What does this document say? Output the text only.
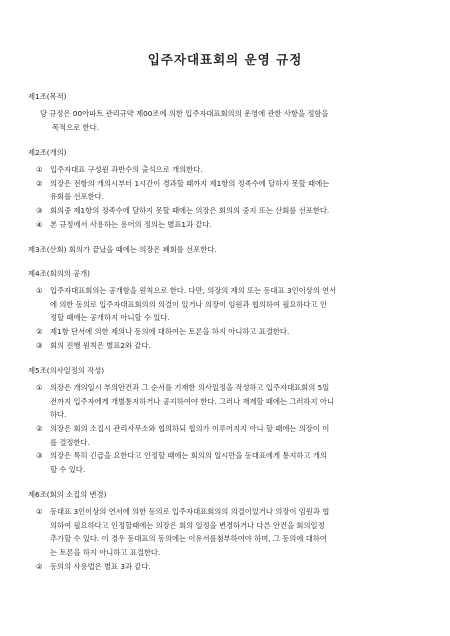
입주자대표회의 운영 규정

제1조(목적)

당 규정은 00아파트 관리규약 제00조에 의한 입주자대표회의의 운영에 관한 사항을 정함을

목적으로 한다.

제2조(개의)

①	입주자대표 구성원 과반수의 출석으로 개의한다.
②	의장은 전항의 개의시부터 1시간이 경과할 때까지 제1항의 정족수에 달하지 못할 때에는
유회를 선포한다.
③	회의중 제1항의 정족수에 달하지 못할 때에는 의장은 회의의 중지 또는 산회를 선포한다.
④	본 규정에서 사용하는 용어의 정의는 별표1과 같다.

제3조(산회) 회의가 끝났을 때에는 의장은 폐회를 선포한다.

제4조(회의의 공개)

①	입주자대표회의는 공개함을 원칙으로 한다. 다만, 의장의 제의 또는 동대표 3인이상의 연서
에 의한 동의로 입주자대표회의의 의결이 있거나 의장이 임원과 협의하여 필요하다고 인
정할 때에는 공개하지 아니할 수 있다.
②	제1항 단서에 의한 제의나 동의에 대하여는 토론을 하지 아니하고 표결한다.
③	회의 진행 원칙은 별표2와 같다.

제5조(의사일정의 작성)

①	의장은 개의일시 부의안건과 그 순서를 기재한 의사일정을 작성하고 입주자대표회의 5일
전까지 입주자에게 개별통지하거나 공지하여야 한다. 그러나 재계할 때에는 그러하지 아니
하다.
②	의장은 회의 소집시 관리사무소와 협의하되 협의가 이루어지지 아니 할 때에는 의장이 이
를 결정한다.
③	의장은 특히 긴급을 요한다고 인정할 때에는 회의의 일시만을 동대표에게 통지하고 개의
할 수 있다.

제6조(회의 소집의 변경)

①	동대표 3인이상의 연서에 의한 동의로 입주자대표회의의 의결이있거나 의장이 임원과 협
의하여 필요하다고 인정할때에는 의장은 회의 일정을 변경하거나 다른 안건을 회의일정
추가할 수 있다. 이 경우 동대표의 동의에는 이유서를첨부하여야 하며, 그 동의에 대하여
는 토론을 하지 아니하고 표결한다.
②	동의의 사용법은 별표 3과 같다.
